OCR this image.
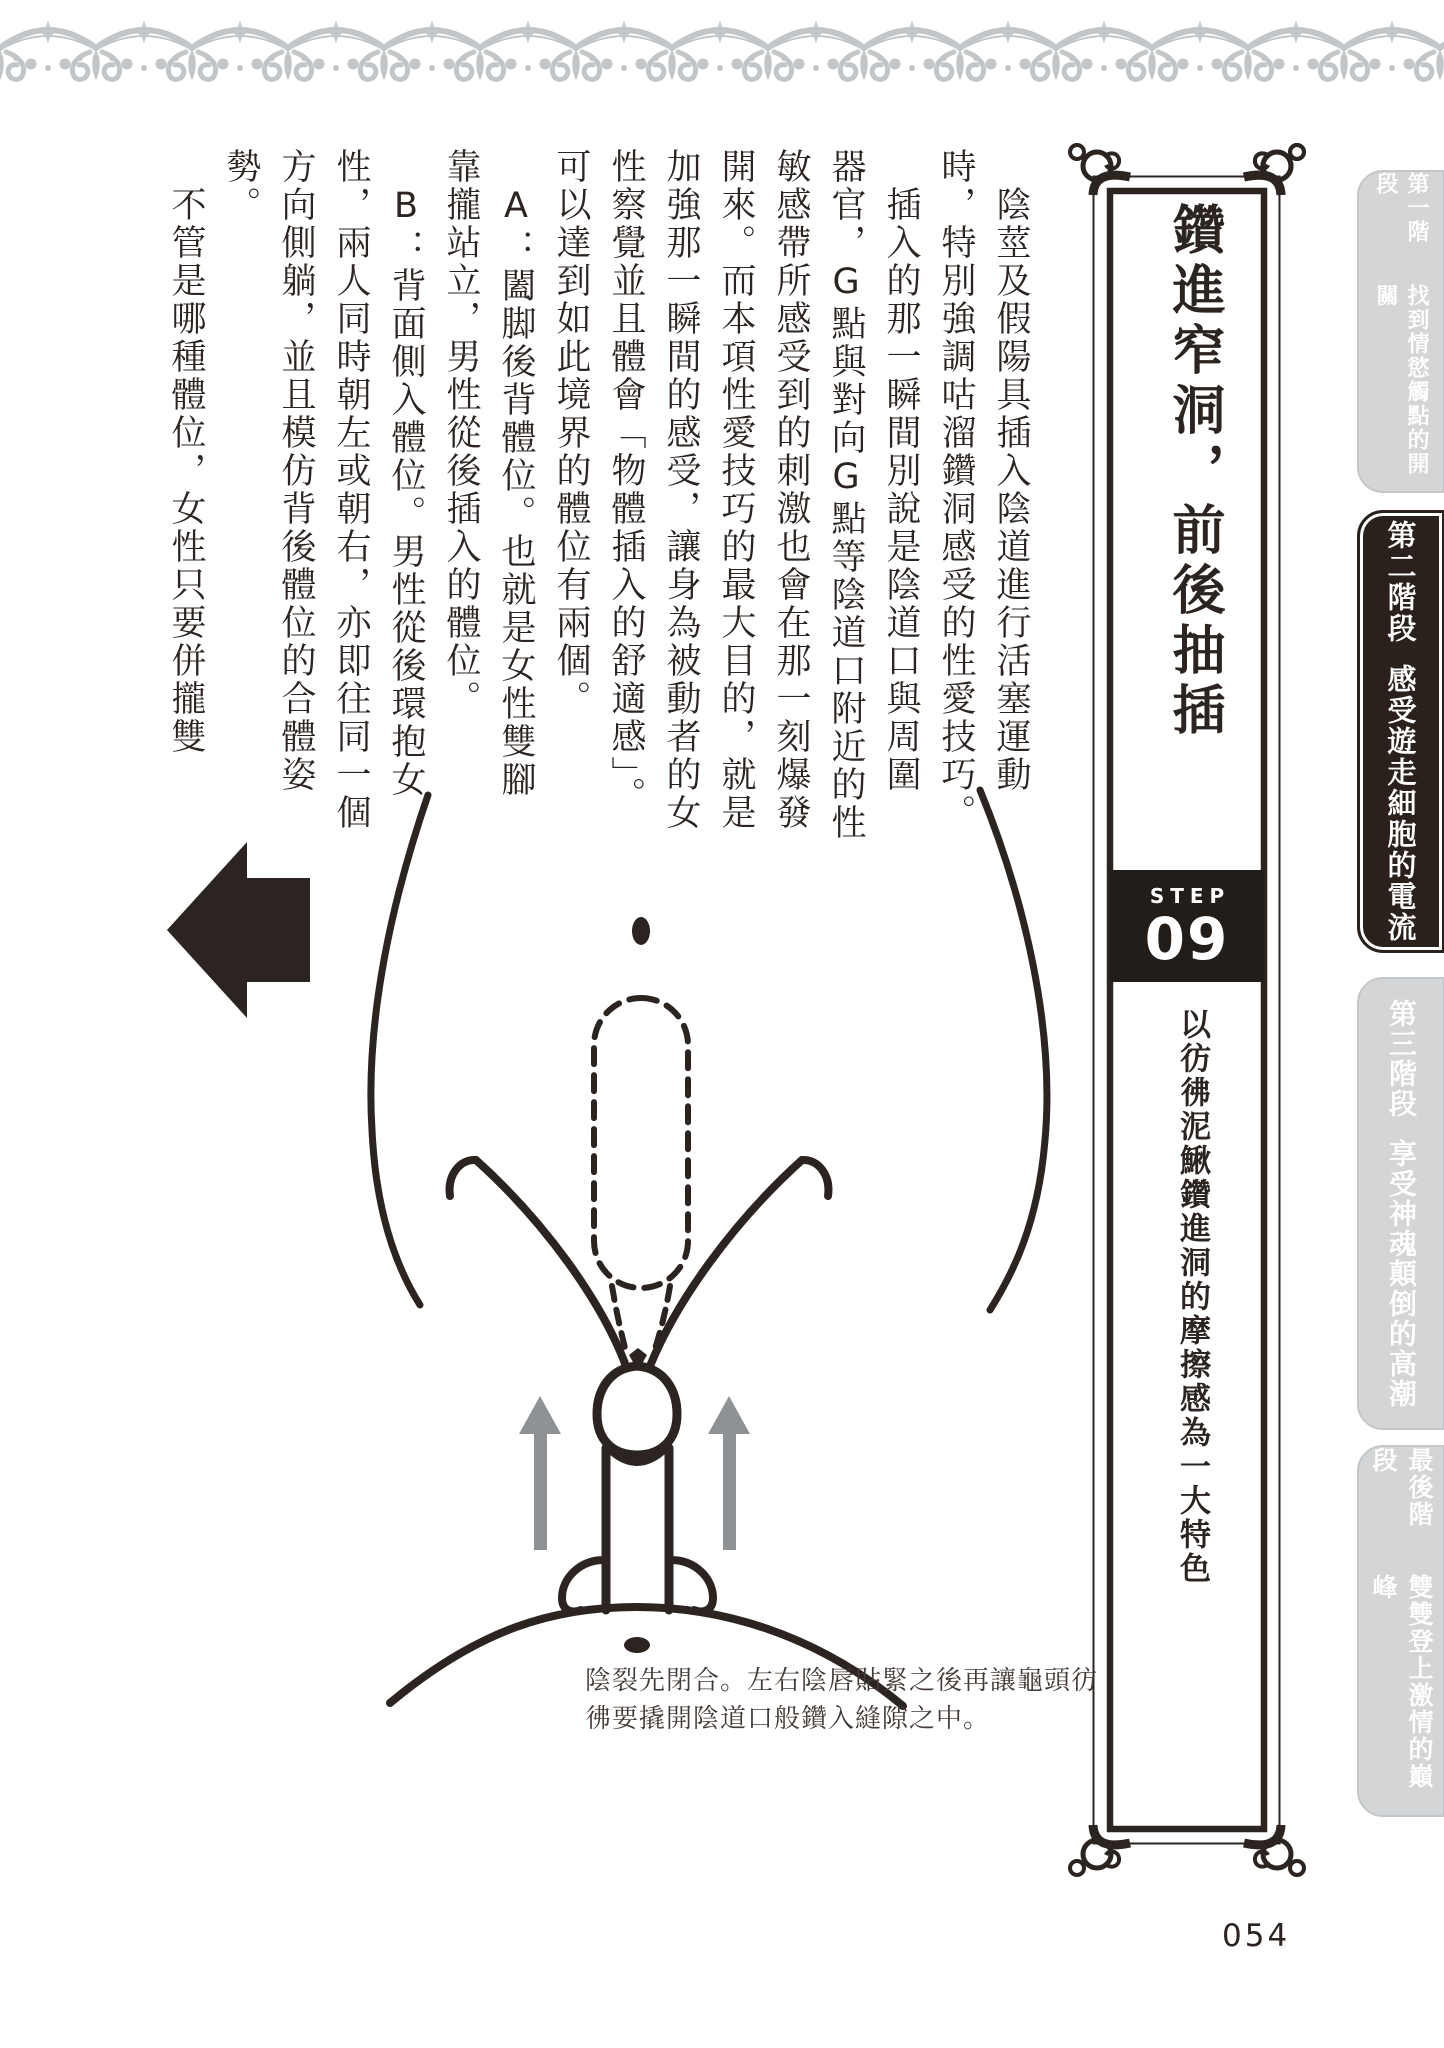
陰莖及假陽具插入陰道進行活塞運動
時，特別強調咕溜鑽洞感受的性愛技巧。
插入的那一瞬間別說是陰道口與周圍
器官，G點與對向G點等陰道口附近的性
敏感帶所感受到的刺激也會在那一刻爆發
開來。而本項性愛技巧的最大目的，就是
加強那一瞬間的感受，讓身為被動者的女
性察覺並且體會「物體插入的舒適感」。
可以達到如此境界的體位有兩個。
A：闔脚後背體位。也就是女性雙腳
靠攏站立，男性從後插入的體位。
B：背面側入體位。男性從後環抱女
性，兩人同時朝左或朝右，亦即往同一個
方向側躺，並且模仿背後體位的合體姿
勢。
不管是哪種體位，女性只要併攏雙	鑽進窄洞，前後抽插
STEP
09
以彷彿泥鰍鑽進洞的摩擦感為一大特色
第一階段
找到情慾觸點的開關
第二階段
感受遊走細胞的電流
第三階段
享受神魂顛倒的高潮
最後階段
雙雙登上激情的巔峰
陰裂先閉合。左右陰唇貼緊之後再讓龜頭彷
彿要撬開陰道口般鑽入縫隙之中。
054
